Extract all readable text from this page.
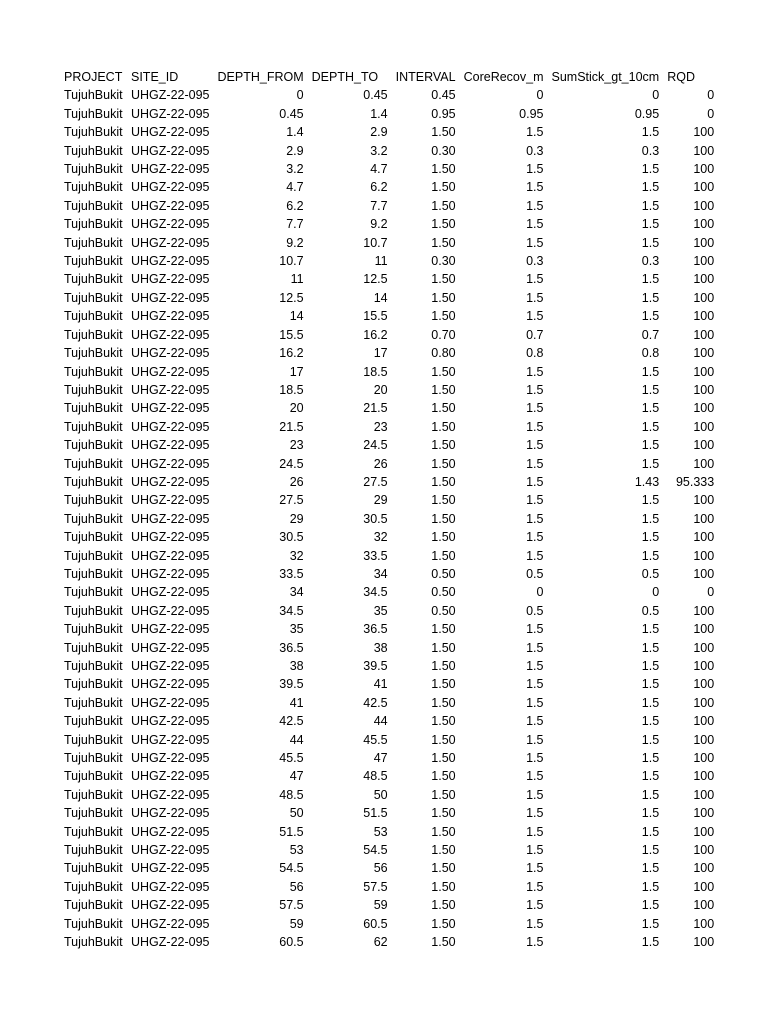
PROJECT	SITE_ID	DEPTH_FROM	DEPTH_TO	INTERVAL	CoreRecov_m	SumStick_gt_10cm	RQD
TujuhBukit	UHGZ-22-095	0	0.45	0.45	0	0	0
TujuhBukit	UHGZ-22-095	0.45	1.4	0.95	0.95	0.95	0
TujuhBukit	UHGZ-22-095	1.4	2.9	1.50	1.5	1.5	100
TujuhBukit	UHGZ-22-095	2.9	3.2	0.30	0.3	0.3	100
TujuhBukit	UHGZ-22-095	3.2	4.7	1.50	1.5	1.5	100
TujuhBukit	UHGZ-22-095	4.7	6.2	1.50	1.5	1.5	100
TujuhBukit	UHGZ-22-095	6.2	7.7	1.50	1.5	1.5	100
TujuhBukit	UHGZ-22-095	7.7	9.2	1.50	1.5	1.5	100
TujuhBukit	UHGZ-22-095	9.2	10.7	1.50	1.5	1.5	100
TujuhBukit	UHGZ-22-095	10.7	11	0.30	0.3	0.3	100
TujuhBukit	UHGZ-22-095	11	12.5	1.50	1.5	1.5	100
TujuhBukit	UHGZ-22-095	12.5	14	1.50	1.5	1.5	100
TujuhBukit	UHGZ-22-095	14	15.5	1.50	1.5	1.5	100
TujuhBukit	UHGZ-22-095	15.5	16.2	0.70	0.7	0.7	100
TujuhBukit	UHGZ-22-095	16.2	17	0.80	0.8	0.8	100
TujuhBukit	UHGZ-22-095	17	18.5	1.50	1.5	1.5	100
TujuhBukit	UHGZ-22-095	18.5	20	1.50	1.5	1.5	100
TujuhBukit	UHGZ-22-095	20	21.5	1.50	1.5	1.5	100
TujuhBukit	UHGZ-22-095	21.5	23	1.50	1.5	1.5	100
TujuhBukit	UHGZ-22-095	23	24.5	1.50	1.5	1.5	100
TujuhBukit	UHGZ-22-095	24.5	26	1.50	1.5	1.5	100
TujuhBukit	UHGZ-22-095	26	27.5	1.50	1.5	1.43	95.333
TujuhBukit	UHGZ-22-095	27.5	29	1.50	1.5	1.5	100
TujuhBukit	UHGZ-22-095	29	30.5	1.50	1.5	1.5	100
TujuhBukit	UHGZ-22-095	30.5	32	1.50	1.5	1.5	100
TujuhBukit	UHGZ-22-095	32	33.5	1.50	1.5	1.5	100
TujuhBukit	UHGZ-22-095	33.5	34	0.50	0.5	0.5	100
TujuhBukit	UHGZ-22-095	34	34.5	0.50	0	0	0
TujuhBukit	UHGZ-22-095	34.5	35	0.50	0.5	0.5	100
TujuhBukit	UHGZ-22-095	35	36.5	1.50	1.5	1.5	100
TujuhBukit	UHGZ-22-095	36.5	38	1.50	1.5	1.5	100
TujuhBukit	UHGZ-22-095	38	39.5	1.50	1.5	1.5	100
TujuhBukit	UHGZ-22-095	39.5	41	1.50	1.5	1.5	100
TujuhBukit	UHGZ-22-095	41	42.5	1.50	1.5	1.5	100
TujuhBukit	UHGZ-22-095	42.5	44	1.50	1.5	1.5	100
TujuhBukit	UHGZ-22-095	44	45.5	1.50	1.5	1.5	100
TujuhBukit	UHGZ-22-095	45.5	47	1.50	1.5	1.5	100
TujuhBukit	UHGZ-22-095	47	48.5	1.50	1.5	1.5	100
TujuhBukit	UHGZ-22-095	48.5	50	1.50	1.5	1.5	100
TujuhBukit	UHGZ-22-095	50	51.5	1.50	1.5	1.5	100
TujuhBukit	UHGZ-22-095	51.5	53	1.50	1.5	1.5	100
TujuhBukit	UHGZ-22-095	53	54.5	1.50	1.5	1.5	100
TujuhBukit	UHGZ-22-095	54.5	56	1.50	1.5	1.5	100
TujuhBukit	UHGZ-22-095	56	57.5	1.50	1.5	1.5	100
TujuhBukit	UHGZ-22-095	57.5	59	1.50	1.5	1.5	100
TujuhBukit	UHGZ-22-095	59	60.5	1.50	1.5	1.5	100
TujuhBukit	UHGZ-22-095	60.5	62	1.50	1.5	1.5	100
